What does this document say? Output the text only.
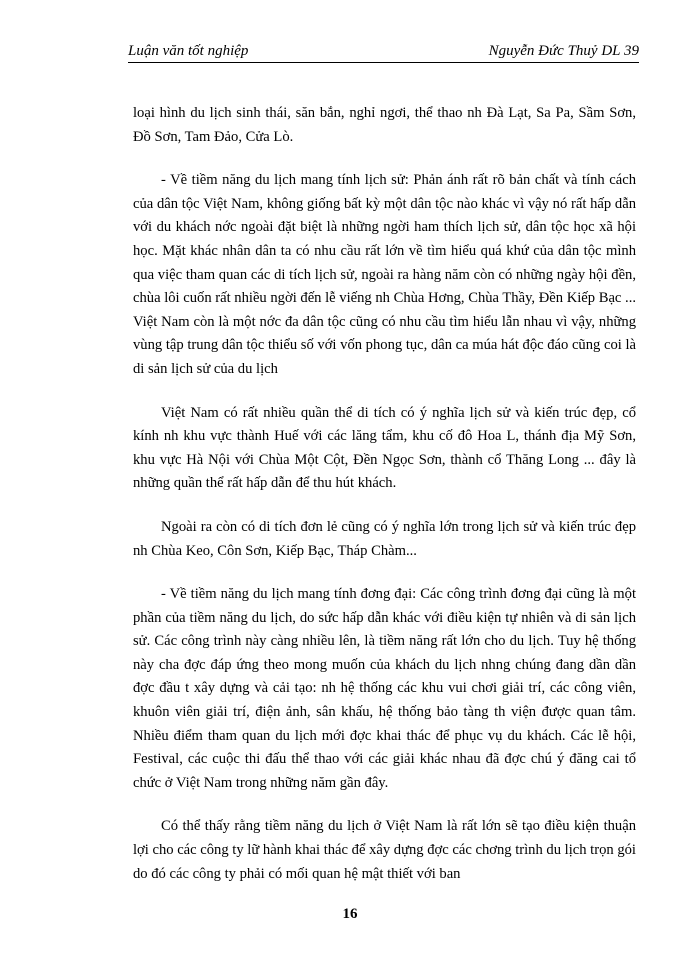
Luận văn tốt nghiệp	Nguyễn Đức Thuỷ DL 39

loại hình du lịch sinh thái, săn bắn, nghỉ ngơi, thể thao nh Đà Lạt, Sa Pa, Sầm Sơn, Đồ Sơn, Tam Đảo, Cửa Lò.

- Về tiềm năng du lịch mang tính lịch sử: Phản ánh rất rõ bản chất và tính cách của dân tộc Việt Nam, không giống bất kỳ một dân tộc nào khác vì vậy nó rất hấp dẫn với du khách nớc ngoài đặt biệt là những ngời ham thích lịch sử, dân tộc học xã hội học. Mặt khác nhân dân ta có nhu cầu rất lớn về tìm hiểu quá khứ của dân tộc mình qua việc tham quan các di tích lịch sử, ngoài ra hàng năm còn có những ngày hội đền, chùa lôi cuốn rất nhiều ngời đến lễ viếng nh Chùa Hơng, Chùa Thầy, Đền Kiếp Bạc ... Việt Nam còn là một nớc đa dân tộc cũng có nhu cầu tìm hiểu lẫn nhau vì vậy, những vùng tập trung dân tộc thiểu số với vốn phong tục, dân ca múa hát độc đáo cũng coi là di sản lịch sử của du lịch

Việt Nam có rất nhiều quần thể di tích có ý nghĩa lịch sử và kiến trúc đẹp, cổ kính nh khu vực thành Huế với các lăng tẩm, khu cố đô Hoa L, thánh địa Mỹ Sơn, khu vực Hà Nội với Chùa Một Cột, Đền Ngọc Sơn, thành cổ Thăng Long ... đây là những quần thể rất hấp dẫn để thu hút khách.

Ngoài ra còn có di tích đơn lẻ cũng có ý nghĩa lớn trong lịch sử và kiến trúc đẹp nh Chùa Keo, Côn Sơn, Kiếp Bạc, Tháp Chàm...

- Về tiềm năng du lịch mang tính đơng đại: Các công trình đơng đại cũng là một phần của tiềm năng du lịch, do sức hấp dẫn khác với điều kiện tự nhiên và di sản lịch sử. Các công trình này càng nhiều lên, là tiềm năng rất lớn cho du lịch. Tuy hệ thống này cha đợc đáp ứng theo mong muốn của khách du lịch nhng chúng đang dần dần đợc đầu t xây dựng và cải tạo: nh hệ thống các khu vui chơi giải trí, các công viên, khuôn viên giải trí, điện ảnh, sân khấu, hệ thống bảo tàng th viện được quan tâm. Nhiều điểm tham quan du lịch mới đợc khai thác để phục vụ du khách. Các lễ hội, Festival, các cuộc thi đấu thể thao với các giải khác nhau đã đợc chú ý đăng cai tổ chức ở Việt Nam trong những năm gần đây.

Có thể thấy rằng tiềm năng du lịch ở Việt Nam là rất lớn sẽ tạo điều kiện thuận lợi cho các công ty lữ hành khai thác để xây dựng đợc các chơng trình du lịch trọn gói do đó các công ty phải có mối quan hệ mật thiết với ban

16
